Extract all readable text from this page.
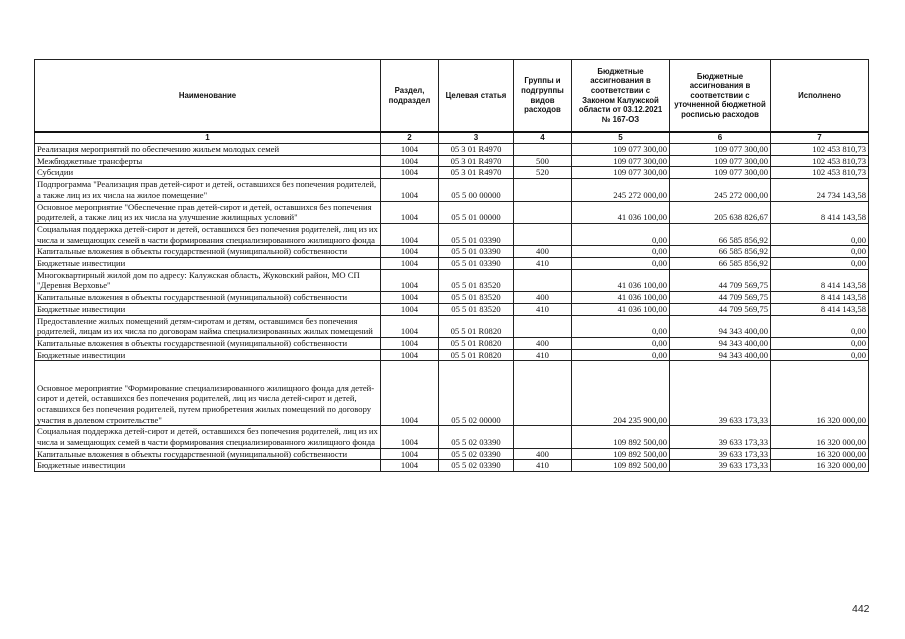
Наименование	Раздел, подраздел	Целевая статья	Группы и подгруппы видов расходов	Бюджетные ассигнования в соответствии с Законом Калужской области от 03.12.2021 № 167-ОЗ	Бюджетные ассигнования в соответствии с уточненной бюджетной росписью расходов	Исполнено
1	2	3	4	5	6	7
Реализация мероприятий по обеспечению жильем молодых семей	1004	05 3 01 R4970		109 077 300,00	109 077 300,00	102 453 810,73
Межбюджетные трансферты	1004	05 3 01 R4970	500	109 077 300,00	109 077 300,00	102 453 810,73
Субсидии	1004	05 3 01 R4970	520	109 077 300,00	109 077 300,00	102 453 810,73
Подпрограмма "Реализация прав детей-сирот и детей, оставшихся без попечения родителей, а также лиц из их числа на жилое помещение"	1004	05 5 00 00000		245 272 000,00	245 272 000,00	24 734 143,58
Основное мероприятие "Обеспечение прав детей-сирот и детей, оставшихся без попечения родителей, а также лиц из их числа на улучшение жилищных условий"	1004	05 5 01 00000		41 036 100,00	205 638 826,67	8 414 143,58
Социальная поддержка детей-сирот и детей, оставшихся без попечения родителей, лиц из их числа и замещающих семей в части формирования специализированного жилищного фонда	1004	05 5 01 03390		0,00	66 585 856,92	0,00
Капитальные вложения в объекты государственной (муниципальной) собственности	1004	05 5 01 03390	400	0,00	66 585 856,92	0,00
Бюджетные инвестиции	1004	05 5 01 03390	410	0,00	66 585 856,92	0,00
Многоквартирный жилой дом по адресу: Калужская область, Жуковский район, МО СП "Деревня Верховье"	1004	05 5 01 83520		41 036 100,00	44 709 569,75	8 414 143,58
Капитальные вложения в объекты государственной (муниципальной) собственности	1004	05 5 01 83520	400	41 036 100,00	44 709 569,75	8 414 143,58
Бюджетные инвестиции	1004	05 5 01 83520	410	41 036 100,00	44 709 569,75	8 414 143,58
Предоставление жилых помещений детям-сиротам и детям, оставшимся без попечения родителей, лицам из их числа по договорам найма специализированных жилых помещений	1004	05 5 01 R0820		0,00	94 343 400,00	0,00
Капитальные вложения в объекты государственной (муниципальной) собственности	1004	05 5 01 R0820	400	0,00	94 343 400,00	0,00
Бюджетные инвестиции	1004	05 5 01 R0820	410	0,00	94 343 400,00	0,00
Основное мероприятие "Формирование специализированного жилищного фонда для детей-сирот и детей, оставшихся без попечения родителей, лиц из числа детей-сирот и детей, оставшихся без попечения родителей, путем приобретения жилых помещений по договору участия в долевом строительстве"	1004	05 5 02 00000		204 235 900,00	39 633 173,33	16 320 000,00
Социальная поддержка детей-сирот и детей, оставшихся без попечения родителей, лиц из их числа и замещающих семей в части формирования специализированного жилищного фонда	1004	05 5 02 03390		109 892 500,00	39 633 173,33	16 320 000,00
Капитальные вложения в объекты государственной (муниципальной) собственности	1004	05 5 02 03390	400	109 892 500,00	39 633 173,33	16 320 000,00
Бюджетные инвестиции	1004	05 5 02 03390	410	109 892 500,00	39 633 173,33	16 320 000,00
442
